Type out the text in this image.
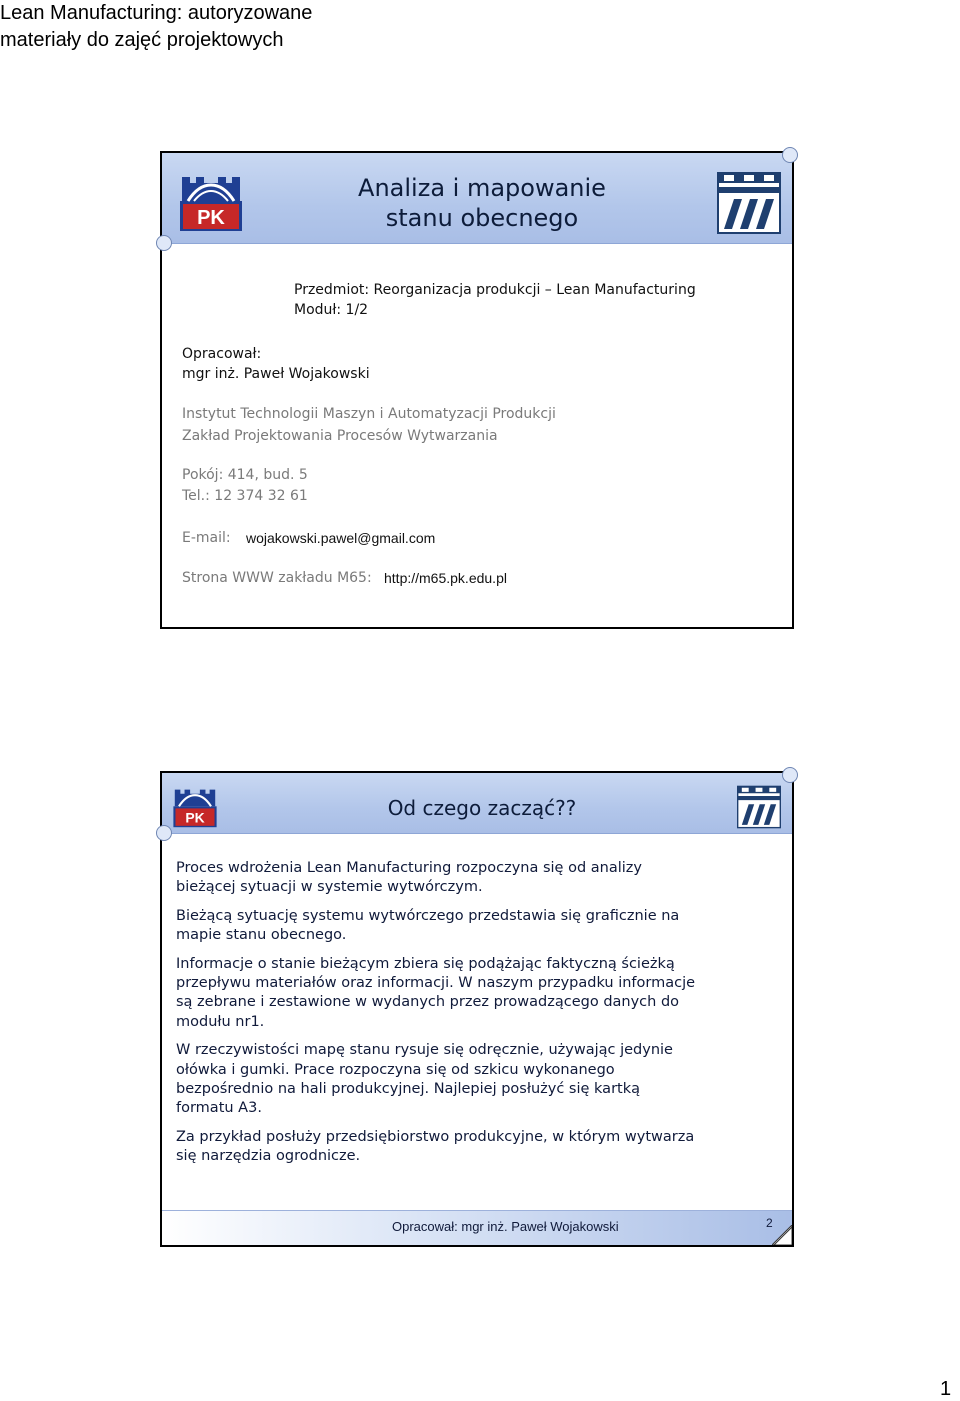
Lean Manufacturing: autoryzowane
materiały do zajęć projektowych
PK
Analiza i mapowanie
stanu obecnego
Przedmiot: Reorganizacja produkcji – Lean Manufacturing
Moduł: 1/2
Opracował:
mgr inż. Paweł Wojakowski
Instytut Technologii Maszyn i Automatyzacji Produkcji
Zakład Projektowania Procesów Wytwarzania
Pokój: 414, bud. 5
Tel.: 12 374 32 61
E-mail: wojakowski.pawel@gmail.com
Strona WWW zakładu M65: http://m65.pk.edu.pl
PK	Od czego zacząć??

Proces wdrożenia Lean Manufacturing rozpoczyna się od analizy
bieżącej sytuacji w systemie wytwórczym.

Bieżącą sytuację systemu wytwórczego przedstawia się graficznie na
mapie stanu obecnego.

Informacje o stanie bieżącym zbiera się podążając faktyczną ścieżką
przepływu materiałów oraz informacji. W naszym przypadku informacje
są zebrane i zestawione w wydanych przez prowadzącego danych do
modułu nr1.

W rzeczywistości mapę stanu rysuje się odręcznie, używając jedynie
ołówka i gumki. Prace rozpoczyna się od szkicu wykonanego
bezpośrednio na hali produkcyjnej. Najlepiej posłużyć się kartką
formatu A3.

Za przykład posłuży przedsiębiorstwo produkcyjne, w którym wytwarza
się narzędzia ogrodnicze.

Opracował: mgr inż. Paweł Wojakowski	2
1
